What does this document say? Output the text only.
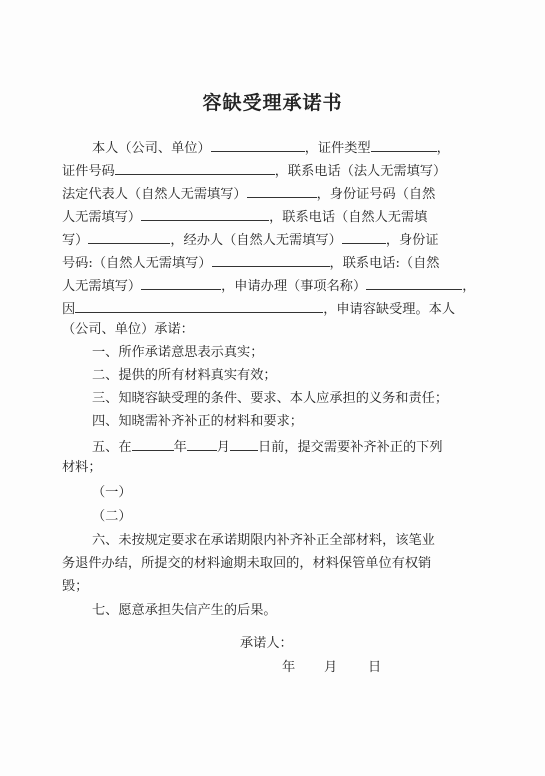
容缺受理承诺书
本人（公司、单位）	，证件类型	，
证件号码	，联系电话（法人无需填写）
法定代表人（自然人无需填写）	，身份证号码（自然
人无需填写）	，联系电话（自然人无需填
写）	，经办人（自然人无需填写）	，身份证
号码:（自然人无需填写）	，联系电话:（自然
人无需填写）	，申请办理（事项名称）	，
因	，申请容缺受理。本人
（公司、单位）承诺：
一、所作承诺意思表示真实；
二、提供的所有材料真实有效；
三、知晓容缺受理的条件、要求、本人应承担的义务和责任；
四、知晓需补齐补正的材料和要求；
五、在	年 月 日前，提交需要补齐补正的下列
材料；
（一）
（二）
六、未按规定要求在承诺期限内补齐补正全部材料，该笔业
务退件办结，所提交的材料逾期未取回的，材料保管单位有权销
毁；
七、愿意承担失信产生的后果。
承诺人：
年 月 日
